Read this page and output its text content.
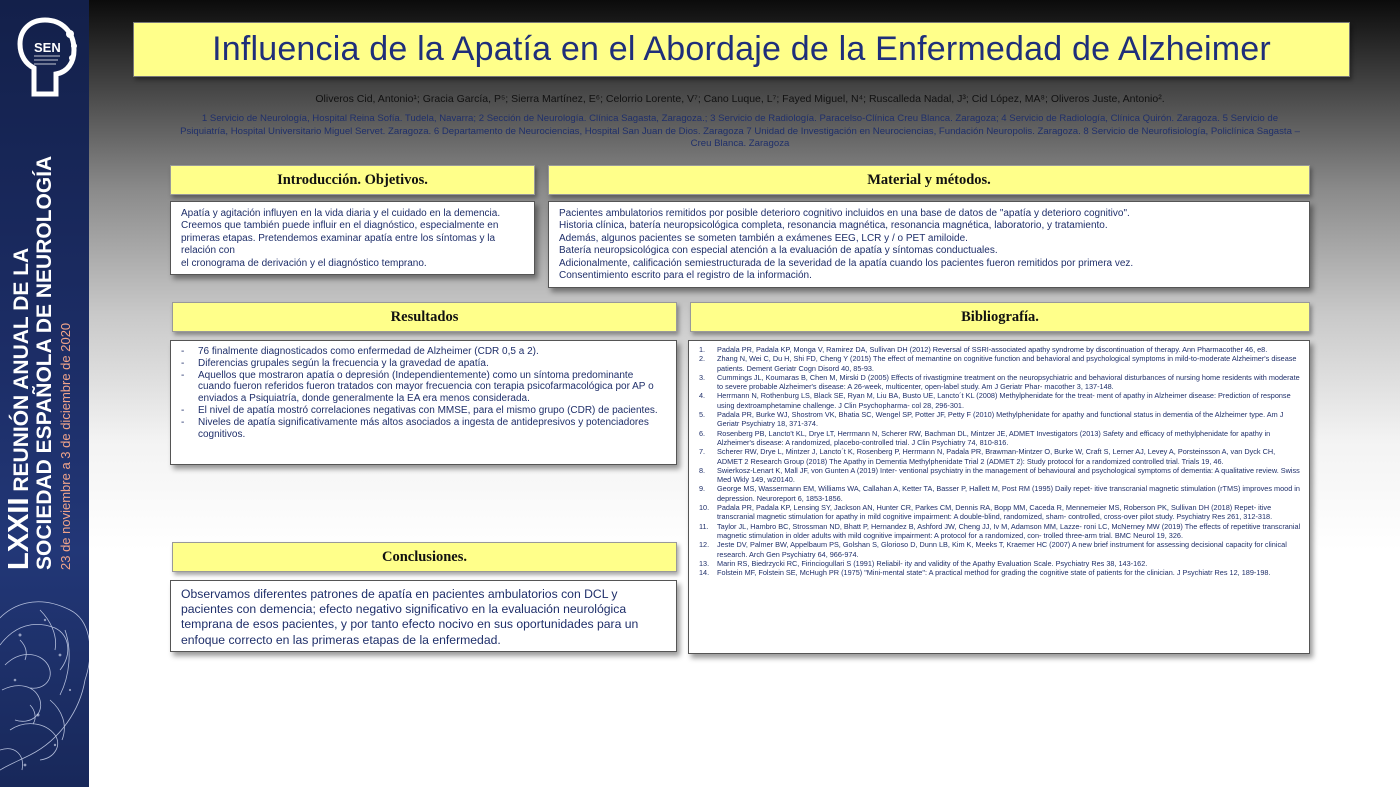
SEN
LXXII REUNIÓN ANUAL DE LA SOCIEDAD ESPAÑOLA DE NEUROLOGÍA 23 de noviembre a 3 de diciembre de 2020
Influencia de la Apatía en el Abordaje de la Enfermedad de Alzheimer
Oliveros Cid, Antonio¹; Gracia García, P⁵; Sierra Martínez, E⁶; Celorrio Lorente, V⁷; Cano Luque, L⁷; Fayed Miguel, N⁴; Ruscalleda Nadal, J³; Cid López, MA⁸; Oliveros Juste, Antonio².
1 Servicio de Neurología, Hospital Reina Sofía. Tudela, Navarra; 2 Sección de Neurología. Clínica Sagasta, Zaragoza.; 3 Servicio de Radiología. Paracelso-Clínica Creu Blanca. Zaragoza; 4 Servicio de Radiología, Clínica Quirón. Zaragoza. 5 Servicio de Psiquiatría, Hospital Universitario Miguel Servet. Zaragoza. 6 Departamento de Neurociencias, Hospital San Juan de Dios. Zaragoza 7 Unidad de Investigación en Neurociencias, Fundación Neuropolis. Zaragoza. 8 Servicio de Neurofisiología, Policlínica Sagasta – Creu Blanca. Zaragoza
Introducción. Objetivos.

Apatía y agitación influyen en la vida diaria y el cuidado en la demencia.

Creemos que también puede influir en el diagnóstico, especialmente en primeras etapas. Pretendemos examinar apatía entre los síntomas y la relación con

el cronograma de derivación y el diagnóstico temprano.

Material y métodos.

Pacientes ambulatorios remitidos por posible deterioro cognitivo incluidos en una base de datos de "apatía y deterioro cognitivo".

Historia clínica, batería neuropsicológica completa, resonancia magnética, resonancia magnética, laboratorio, y tratamiento.

Además, algunos pacientes se someten también a exámenes EEG, LCR y / o PET amiloide.

Batería neuropsicológica con especial atención a la evaluación de apatía y síntomas conductuales.

Adicionalmente, calificación semiestructurada de la severidad de la apatía cuando los pacientes fueron remitidos por primera vez.

Consentimiento escrito para el registro de la información.

Resultados
- 76 finalmente diagnosticados como enfermedad de Alzheimer (CDR 0,5 a 2).
- Diferencias grupales según la frecuencia y la gravedad de apatía.
- Aquellos que mostraron apatía o depresión (Independientemente) como un síntoma predominante cuando fueron referidos fueron tratados con mayor frecuencia con terapia psicofarmacológica por AP o enviados a Psiquiatría, donde generalmente la EA era menos considerada.
- El nivel de apatía mostró correlaciones negativas con MMSE, para el mismo grupo (CDR) de pacientes.
- Niveles de apatía significativamente más altos asociados a ingesta de antidepresivos y potenciadores cognitivos.
Conclusiones.
Observamos diferentes patrones de apatía en pacientes ambulatorios con DCL y pacientes con demencia; efecto negativo significativo en la evaluación neurológica temprana de esos pacientes, y por tanto efecto nocivo en sus oportunidades para un enfoque correcto en las primeras etapas de la enfermedad.
Bibliografía.
1. Padala PR, Padala KP, Monga V, Ramirez DA, Sullivan DH (2012) Reversal of SSRI-associated apathy syndrome by discontinuation of therapy. Ann Pharmacother 46, e8.
2. Zhang N, Wei C, Du H, Shi FD, Cheng Y (2015) The effect of memantine on cognitive function and behavioral and psychological symptoms in mild-to-moderate Alzheimer's disease patients. Dement Geriatr Cogn Disord 40, 85-93.
3. Cummings JL, Koumaras B, Chen M, Mirski D (2005) Effects of rivastigmine treatment on the neuropsychiatric and behavioral disturbances of nursing home residents with moderate to severe probable Alzheimer's disease: A 26-week, multicenter, open-label study. Am J Geriatr Phar- macother 3, 137-148.
4. Herrmann N, Rothenburg LS, Black SE, Ryan M, Liu BA, Busto UE, Lancto´t KL (2008) Methylphenidate for the treat- ment of apathy in Alzheimer disease: Prediction of response using dextroamphetamine challenge. J Clin Psychopharma- col 28, 296-301.
5. Padala PR, Burke WJ, Shostrom VK, Bhatia SC, Wengel SP, Potter JF, Petty F (2010) Methylphenidate for apathy and functional status in dementia of the Alzheimer type. Am J Geriatr Psychiatry 18, 371-374.
6. Rosenberg PB, Lancto't KL, Drye LT, Herrmann N, Scherer RW, Bachman DL, Mintzer JE, ADMET Investigators (2013) Safety and efficacy of methylphenidate for apathy in Alzheimer's disease: A randomized, placebo-controlled trial. J Clin Psychiatry 74, 810-816.
7. Scherer RW, Drye L, Mintzer J, Lancto´t K, Rosenberg P, Herrmann N, Padala PR, Brawman-Mintzer O, Burke W, Craft S, Lerner AJ, Levey A, Porsteinsson A, van Dyck CH, ADMET 2 Research Group (2018) The Apathy in Dementia Methylphenidate Trial 2 (ADMET 2): Study protocol for a randomized controlled trial. Trials 19, 46.
8. Swierkosz-Lenart K, Mall JF, von Gunten A (2019) Inter- ventional psychiatry in the management of behavioural and psychological symptoms of dementia: A qualitative review. Swiss Med Wkly 149, w20140.
9. George MS, Wassermann EM, Williams WA, Callahan A, Ketter TA, Basser P, Hallett M, Post RM (1995) Daily repet- itive transcranial magnetic stimulation (rTMS) improves mood in depression. Neuroreport 6, 1853-1856.
10. Padala PR, Padala KP, Lensing SY, Jackson AN, Hunter CR, Parkes CM, Dennis RA, Bopp MM, Caceda R, Mennemeier MS, Roberson PK, Sullivan DH (2018) Repet- itive transcranial magnetic stimulation for apathy in mild cognitive impairment: A double-blind, randomized, sham- controlled, cross-over pilot study. Psychiatry Res 261, 312-318.
11. Taylor JL, Hambro BC, Strossman ND, Bhatt P, Hernandez B, Ashford JW, Cheng JJ, Iv M, Adamson MM, Lazze- roni LC, McNerney MW (2019) The effects of repetitive transcranial magnetic stimulation in older adults with mild cognitive impairment: A protocol for a randomized, con- trolled three-arm trial. BMC Neurol 19, 326.
12. Jeste DV, Palmer BW, Appelbaum PS, Golshan S, Glorioso D, Dunn LB, Kim K, Meeks T, Kraemer HC (2007) A new brief instrument for assessing decisional capacity for clinical research. Arch Gen Psychiatry 64, 966-974.
13. Marin RS, Biedrzycki RC, Firinciogullari S (1991) Reliabil- ity and validity of the Apathy Evaluation Scale. Psychiatry Res 38, 143-162.
14. Folstein MF, Folstein SE, McHugh PR (1975) "Mini-mental state": A practical method for grading the cognitive state of patients for the clinician. J Psychiatr Res 12, 189-198.
